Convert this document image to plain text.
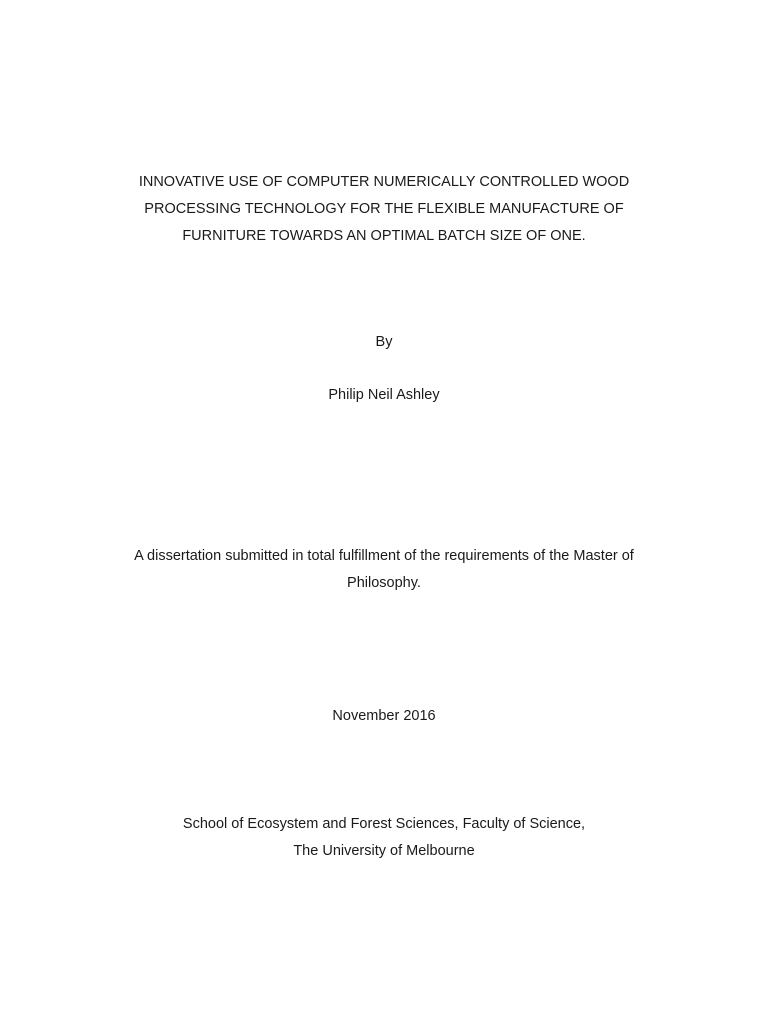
INNOVATIVE USE OF COMPUTER NUMERICALLY CONTROLLED WOOD
PROCESSING TECHNOLOGY FOR THE FLEXIBLE MANUFACTURE OF
FURNITURE TOWARDS AN OPTIMAL BATCH SIZE OF ONE.
By
Philip Neil Ashley
A dissertation submitted in total fulfillment of the requirements of the Master of
Philosophy.
November 2016
School of Ecosystem and Forest Sciences, Faculty of Science,
The University of Melbourne
